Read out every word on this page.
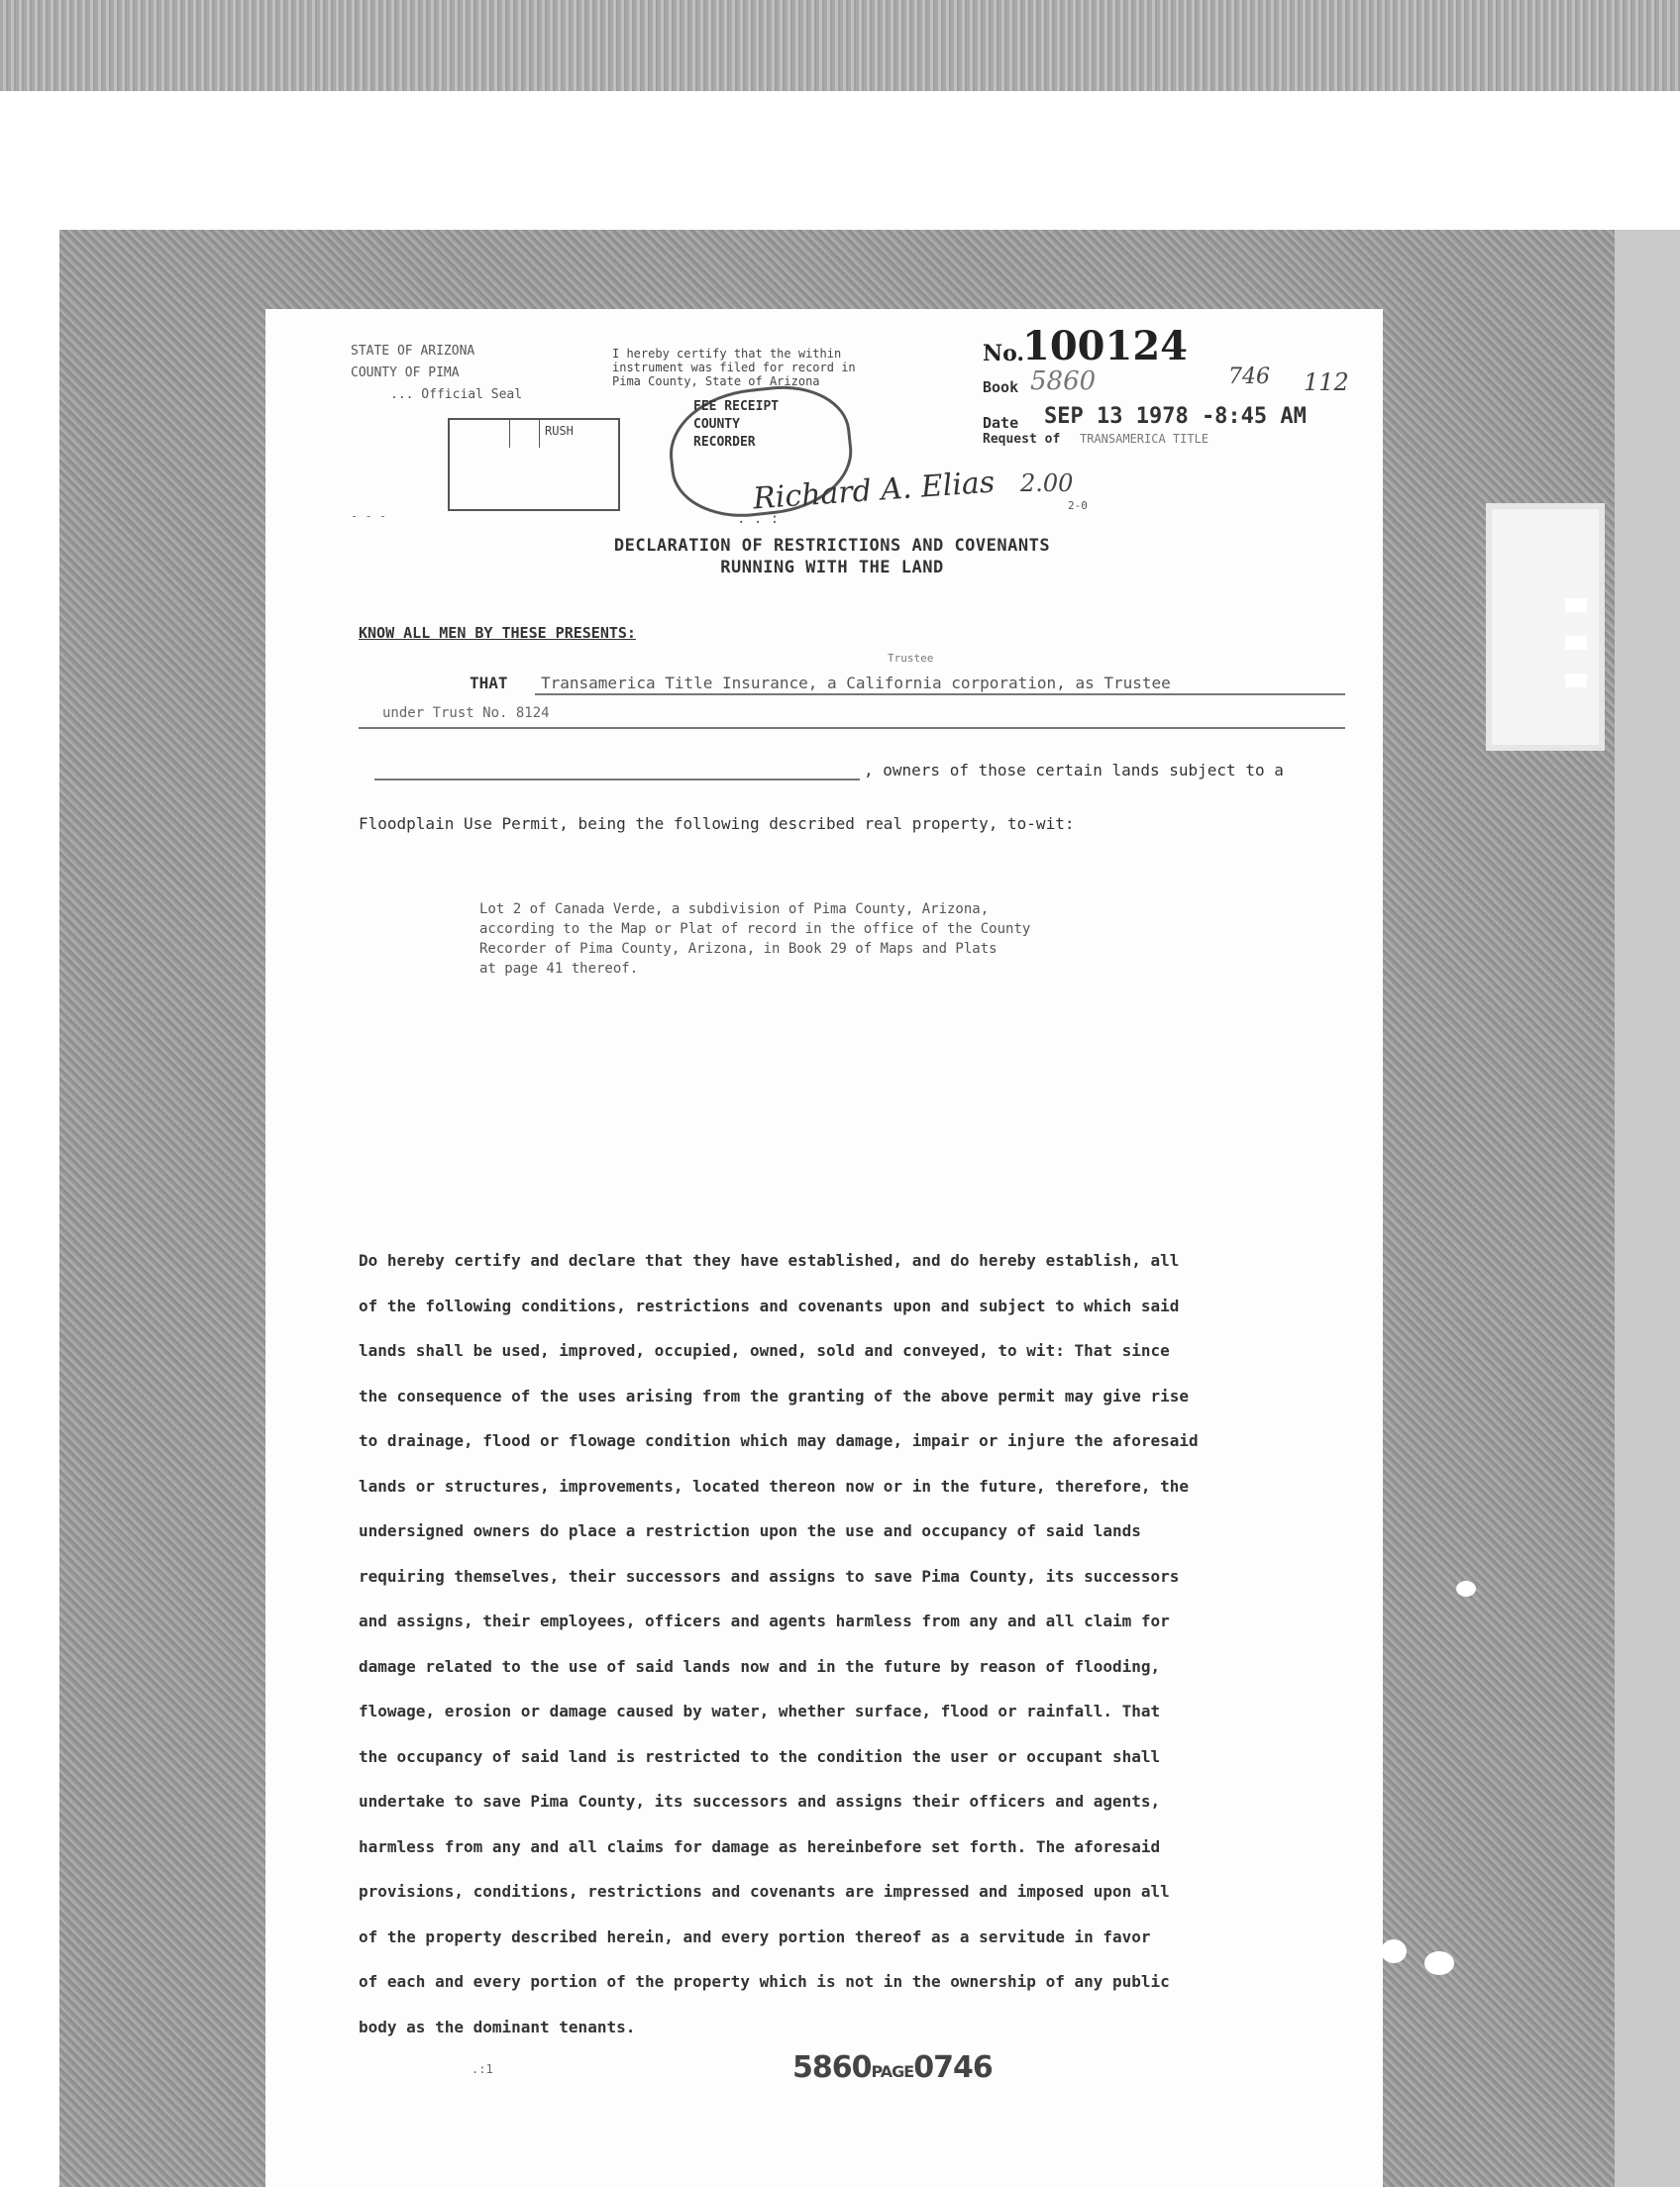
STATE OF ARIZONA
COUNTY OF PIMA
... Official Seal
RUSH
- - -
I hereby certify that the within instrument was filed for record in Pima County, State of Arizona
FEE RECEIPT
COUNTY
RECORDER
Richard A. Elias 2.00
2-0
. . :
No.
100124
Book 5860	746 112
Date SEP 13 1978 -8:45 AM
Request of TRANSAMERICA TITLE
DECLARATION OF RESTRICTIONS AND COVENANTS
RUNNING WITH THE LAND
KNOW ALL MEN BY THESE PRESENTS:
Trustee
THAT Transamerica Title Insurance, a California corporation, as Trustee
under Trust No. 8124
, owners of those certain lands subject to a
Floodplain Use Permit, being the following described real property, to-wit:
Lot 2 of Canada Verde, a subdivision of Pima County, Arizona,
according to the Map or Plat of record in the office of the County
Recorder of Pima County, Arizona, in Book 29 of Maps and Plats
at page 41 thereof.
Do hereby certify and declare that they have established, and do hereby establish, all
of the following conditions, restrictions and covenants upon and subject to which said
lands shall be used, improved, occupied, owned, sold and conveyed, to wit: That since
the consequence of the uses arising from the granting of the above permit may give rise
to drainage, flood or flowage condition which may damage, impair or injure the aforesaid
lands or structures, improvements, located thereon now or in the future, therefore, the
undersigned owners do place a restriction upon the use and occupancy of said lands
requiring themselves, their successors and assigns to save Pima County, its successors
and assigns, their employees, officers and agents harmless from any and all claim for
damage related to the use of said lands now and in the future by reason of flooding,
flowage, erosion or damage caused by water, whether surface, flood or rainfall. That
the occupancy of said land is restricted to the condition the user or occupant shall
undertake to save Pima County, its successors and assigns their officers and agents,
harmless from any and all claims for damage as hereinbefore set forth. The aforesaid
provisions, conditions, restrictions and covenants are impressed and imposed upon all
of the property described herein, and every portion thereof as a servitude in favor
of each and every portion of the property which is not in the ownership of any public
body as the dominant tenants.
.:1	5860PAGE0746
